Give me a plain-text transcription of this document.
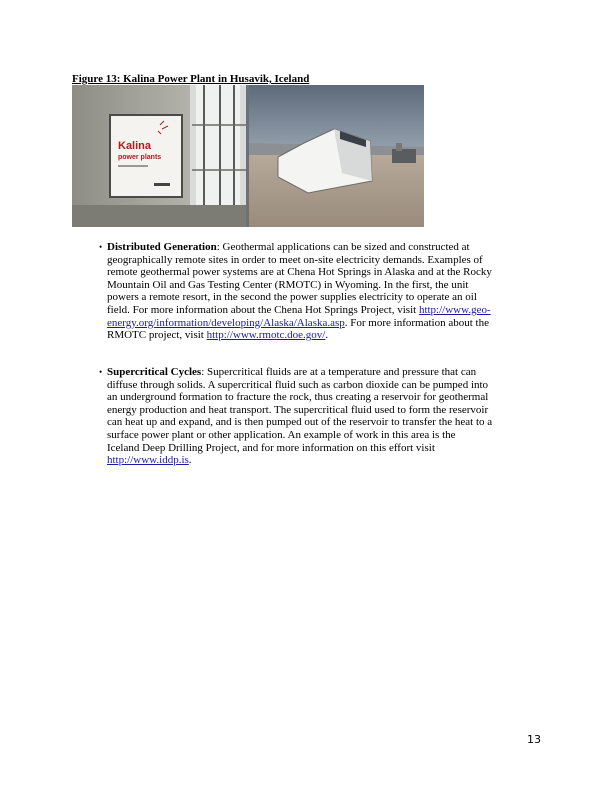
Figure 13: Kalina Power Plant in Husavik, Iceland
Kalina
power plants
• Distributed Generation: Geothermal applications can be sized and constructed at
geographically remote sites in order to meet on-site electricity demands. Examples of
remote geothermal power systems are at Chena Hot Springs in Alaska and at the Rocky
Mountain Oil and Gas Testing Center (RMOTC) in Wyoming. In the first, the unit
powers a remote resort, in the second the power supplies electricity to operate an oil
field. For more information about the Chena Hot Springs Project, visit http://www.geo-
energy.org/information/developing/Alaska/Alaska.asp. For more information about the
RMOTC project, visit http://www.rmotc.doe.gov/.
• Supercritical Cycles: Supercritical fluids are at a temperature and pressure that can
diffuse through solids. A supercritical fluid such as carbon dioxide can be pumped into
an underground formation to fracture the rock, thus creating a reservoir for geothermal
energy production and heat transport. The supercritical fluid used to form the reservoir
can heat up and expand, and is then pumped out of the reservoir to transfer the heat to a
surface power plant or other application. An example of work in this area is the
Iceland Deep Drilling Project, and for more information on this effort visit
http://www.iddp.is.
13
